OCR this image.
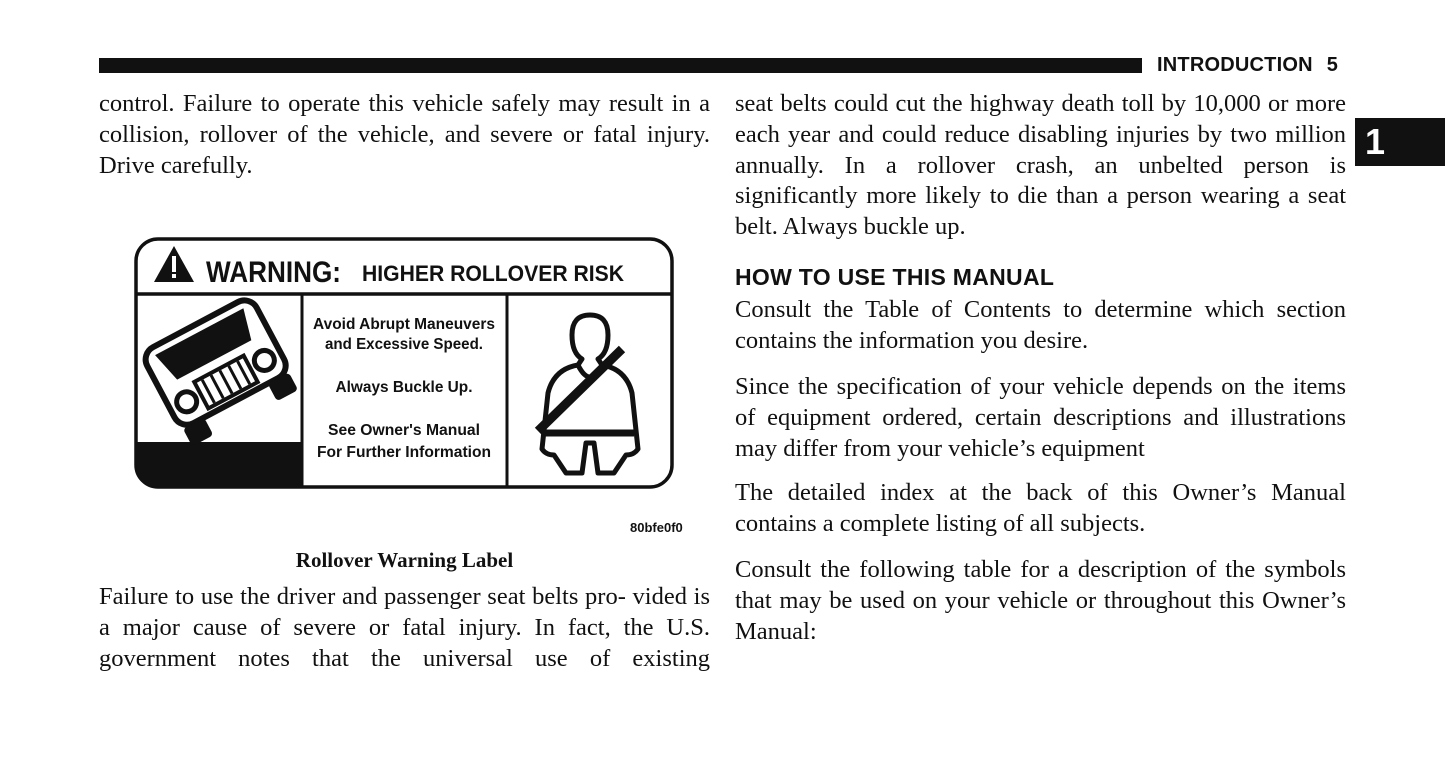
INTRODUCTION 5
1

control. Failure to operate this vehicle safely may result in a collision, rollover of the vehicle, and severe or fatal injury. Drive carefully.

WARNING: HIGHER ROLLOVER RISK
Avoid Abrupt Maneuvers
and Excessive Speed.
Always Buckle Up.
See Owner's Manual
For Further Information
80bfe0f0

Rollover Warning Label

Failure to use the driver and passenger seat belts pro- vided is a major cause of severe or fatal injury. In fact, the U.S. government notes that the universal use of existing

seat belts could cut the highway death toll by 10,000 or more each year and could reduce disabling injuries by two million annually. In a rollover crash, an unbelted person is significantly more likely to die than a person wearing a seat belt. Always buckle up.

HOW TO USE THIS MANUAL

Consult the Table of Contents to determine which section contains the information you desire.

Since the specification of your vehicle depends on the items of equipment ordered, certain descriptions and illustrations may differ from your vehicle’s equipment

The detailed index at the back of this Owner’s Manual contains a complete listing of all subjects.

Consult the following table for a description of the symbols that may be used on your vehicle or throughout this Owner’s Manual:
